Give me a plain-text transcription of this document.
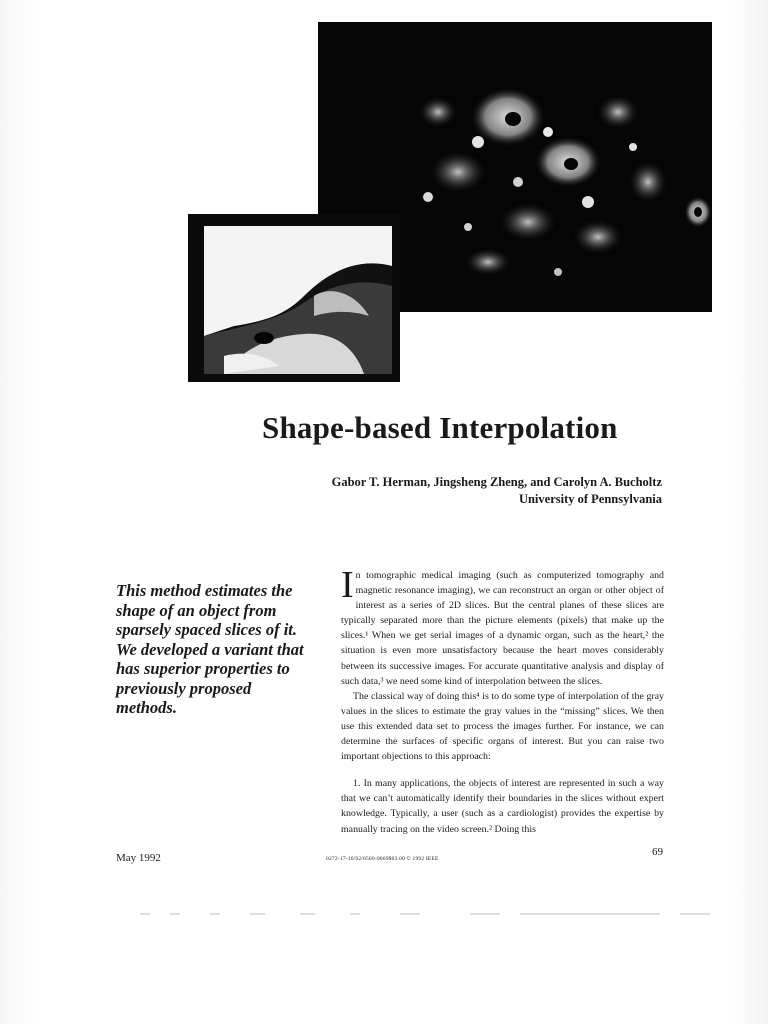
Shape-based Interpolation
Gabor T. Herman, Jingsheng Zheng, and Carolyn A. Bucholtz
University of Pennsylvania
This method estimates the shape of an object from sparsely spaced slices of it. We developed a variant that has superior properties to previously proposed methods.

In tomographic medical imaging (such as computerized tomography and magnetic resonance imaging), we can reconstruct an organ or other object of interest as a series of 2D slices. But the central planes of these slices are typically separated more than the picture elements (pixels) that make up the slices.¹ When we get serial images of a dynamic organ, such as the heart,² the situation is even more unsatisfactory because the heart moves considerably between its successive images. For accurate quantitative analysis and display of such data,³ we need some kind of interpolation between the slices.

The classical way of doing this⁴ is to do some type of interpolation of the gray values in the slices to estimate the gray values in the “missing” slices. We then use this extended data set to process the images further. For instance, we can determine the surfaces of specific organs of interest. But you can raise two important objections to this approach:

1. In many applications, the objects of interest are represented in such a way that we can’t automatically identify their boundaries in the slices without expert knowledge. Typically, a user (such as a cardiologist) provides the expertise by manually tracing on the video screen.² Doing this

May 1992	0272-17-16/92/0500-0069$03.00 © 1992 IEEE
69
